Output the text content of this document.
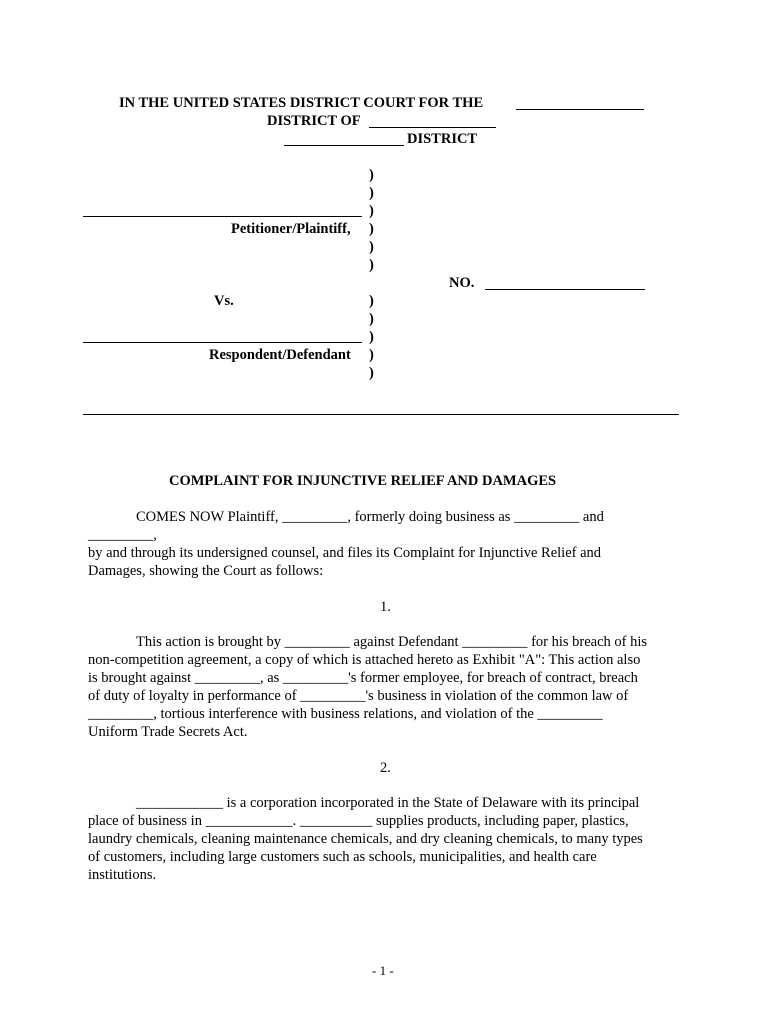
IN THE UNITED STATES DISTRICT COURT FOR THE
DISTRICT OF
DISTRICT
)
)
)
)
)
)
)
)
)
)
)
Petitioner/Plaintiff,
Vs.
Respondent/Defendant
NO.
COMPLAINT FOR INJUNCTIVE RELIEF AND DAMAGES
COMES NOW Plaintiff, _________, formerly doing business as _________ and
_________,
by and through its undersigned counsel, and files its Complaint for Injunctive Relief and
Damages, showing the Court as follows:
1.
This action is brought by _________ against Defendant _________ for his breach of his
non-competition agreement, a copy of which is attached hereto as Exhibit "A": This action also
is brought against _________, as _________'s former employee, for breach of contract, breach
of duty of loyalty in performance of _________'s business in violation of the common law of
_________, tortious interference with business relations, and violation of the _________
Uniform Trade Secrets Act.
2.
____________ is a corporation incorporated in the State of Delaware with its principal
place of business in ____________. __________ supplies products, including paper, plastics,
laundry chemicals, cleaning maintenance chemicals, and dry cleaning chemicals, to many types
of customers, including large customers such as schools, municipalities, and health care
institutions.
- 1 -
